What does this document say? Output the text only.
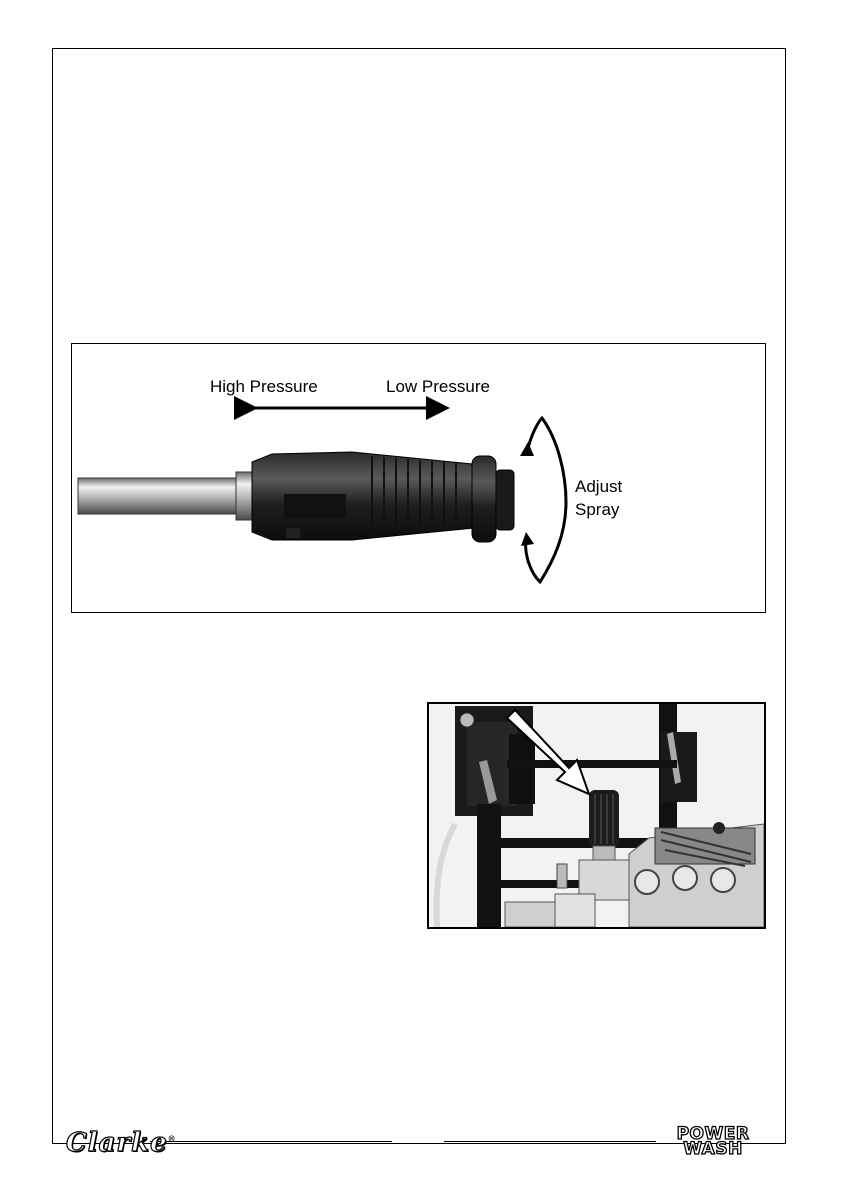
High Pressure	Low Pressure
Adjust
Spray
Clarke®	POWER
WASH
